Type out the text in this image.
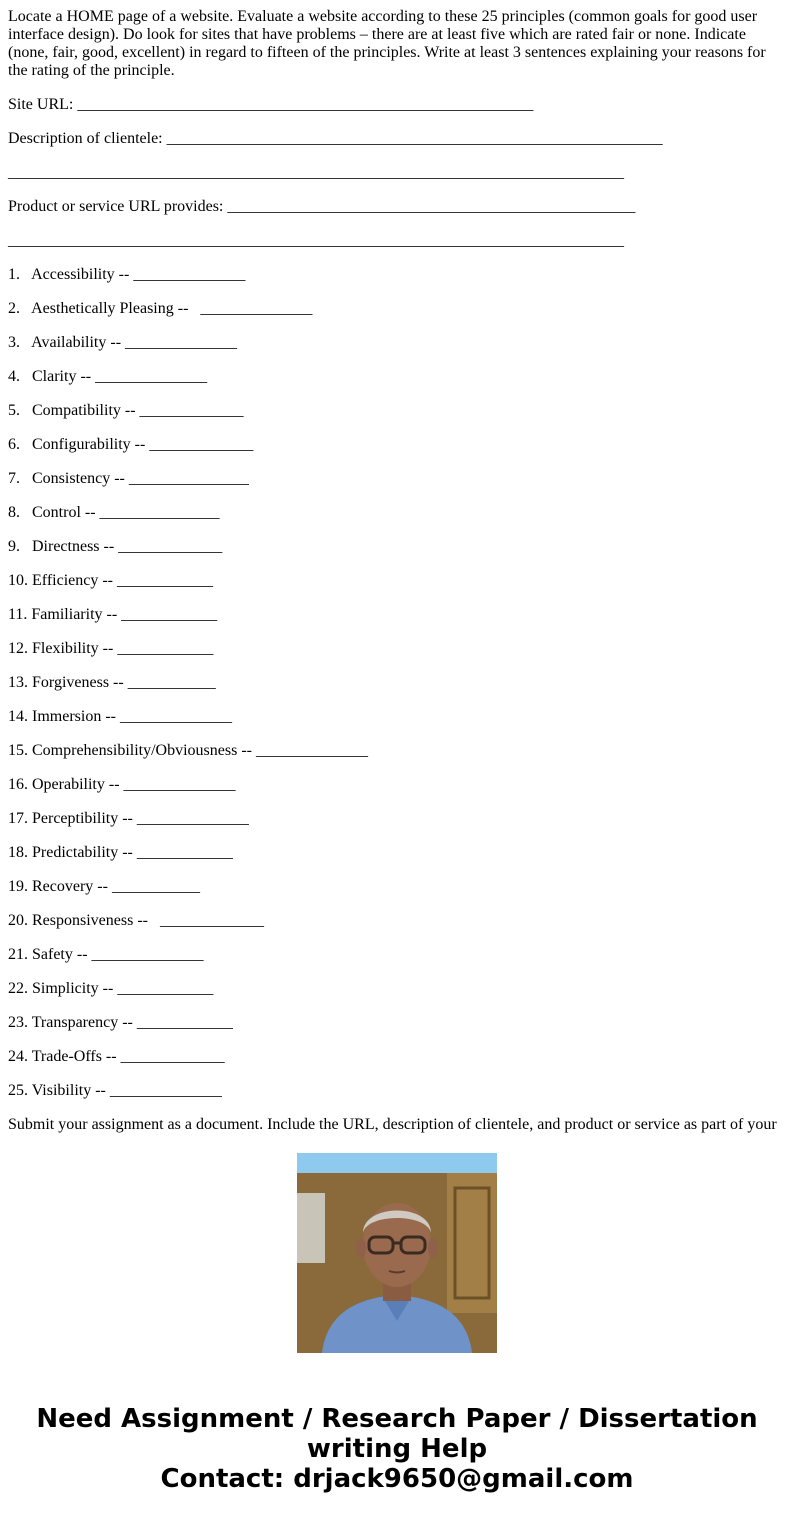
Locate a HOME page of a website. Evaluate a website according to these 25 principles (common goals for good user interface design). Do look for sites that have problems – there are at least five which are rated fair or none. Indicate (none, fair, good, excellent) in regard to fifteen of the principles. Write at least 3 sentences explaining your reasons for the rating of the principle.

Site URL: _________________________________________________________

Description of clientele: ______________________________________________________________

_____________________________________________________________________________

Product or service URL provides: ___________________________________________________

_____________________________________________________________________________

1.   Accessibility -- ______________

2.   Aesthetically Pleasing --   ______________

3.   Availability -- ______________

4.   Clarity -- ______________

5.   Compatibility -- _____________

6.   Configurability -- _____________

7.   Consistency -- _______________

8.   Control -- _______________

9.   Directness -- _____________

10. Efficiency -- ____________

11. Familiarity -- ____________

12. Flexibility -- ____________

13. Forgiveness -- ___________

14. Immersion -- ______________

15. Comprehensibility/Obviousness -- ______________

16. Operability -- ______________

17. Perceptibility -- ______________

18. Predictability -- ____________

19. Recovery -- ___________

20. Responsiveness --   _____________

21. Safety -- ______________

22. Simplicity -- ____________

23. Transparency -- ____________

24. Trade-Offs -- _____________

25. Visibility -- ______________

Submit your assignment as a document. Include the URL, description of clientele, and product or service as part of your

Need Assignment / Research Paper / Dissertation
writing Help
Contact: drjack9650@gmail.com
